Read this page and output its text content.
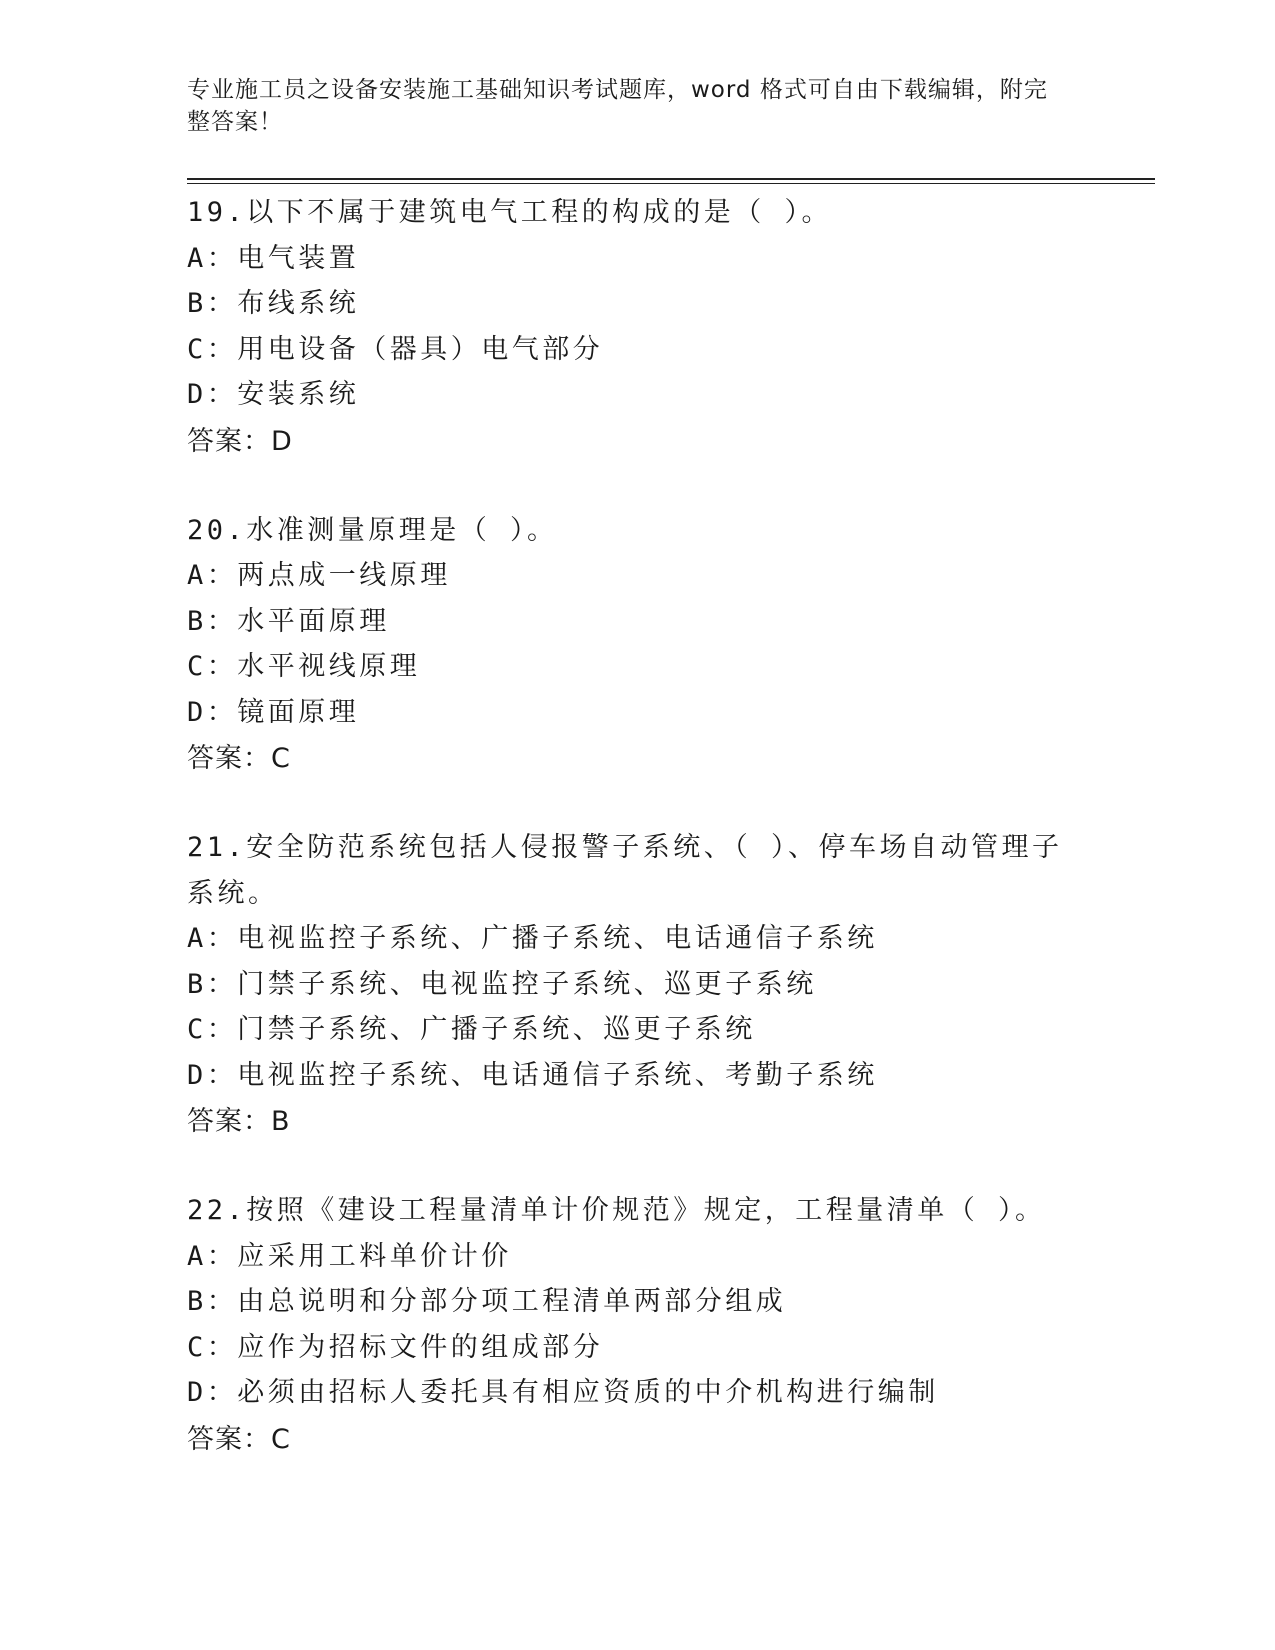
专业施工员之设备安装施工基础知识考试题库，word 格式可自由下载编辑，附完整答案！
19.以下不属于建筑电气工程的构成的是（ ）。
A：电气装置
B：布线系统
C：用电设备（器具）电气部分
D：安装系统
答案：D
20.水准测量原理是（ ）。
A：两点成一线原理
B：水平面原理
C：水平视线原理
D：镜面原理
答案：C
21.安全防范系统包括人侵报警子系统、（ ）、停车场自动管理子系统。
A：电视监控子系统、广播子系统、电话通信子系统
B：门禁子系统、电视监控子系统、巡更子系统
C：门禁子系统、广播子系统、巡更子系统
D：电视监控子系统、电话通信子系统、考勤子系统
答案：B
22.按照《建设工程量清单计价规范》规定，工程量清单（ ）。
A：应采用工料单价计价
B：由总说明和分部分项工程清单两部分组成
C：应作为招标文件的组成部分
D：必须由招标人委托具有相应资质的中介机构进行编制
答案：C
